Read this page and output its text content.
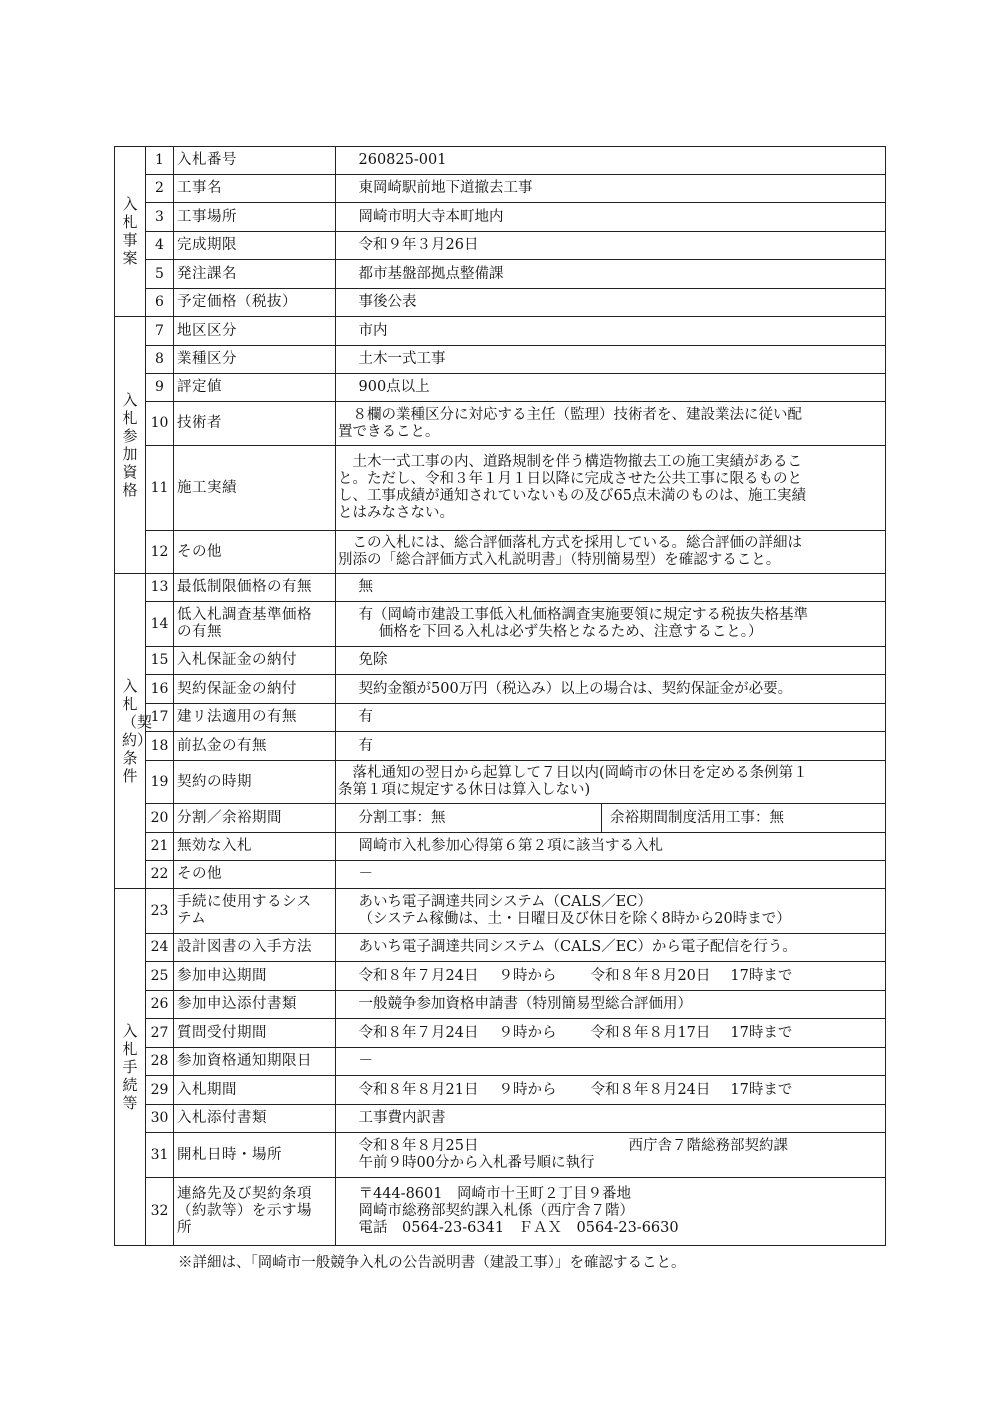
入札事案	1	入札番号	260825-001	

	2	工事名	東岡崎駅前地下道撤去工事	

	3	工事場所	岡崎市明大寺本町地内	

	4	完成期限	令和９年３月26日	

	5	発注課名	都市基盤部拠点整備課	

	6	予定価格（税抜）	事後公表	

入札参加資格	7	地区区分	市内	

	8	業種区分	土木一式工事	

	9	評定値	900点以上	

	10	技術者	８欄の業種区分に対応する主任（監理）技術者を、建設業法に従い配
置できること。	

	11	施工実績	土木一式工事の内、道路規制を伴う構造物撤去工の施工実績があるこ
と。ただし、令和３年１月１日以降に完成させた公共工事に限るものと
し、工事成績が通知されていないもの及び65点未満のものは、施工実績
とはみなさない。	

	12	その他	この入札には、総合評価落札方式を採用している。総合評価の詳細は
別添の「総合評価方式入札説明書」（特別簡易型）を確認すること。	

入札（契約）条件	13	最低制限価格の有無	無	

	14	低入札調査基準価格
の有無	有（岡崎市建設工事低入札価格調査実施要領に規定する税抜失格基準
価格を下回る入札は必ず失格となるため、注意すること。）	

	15	入札保証金の納付	免除	

	16	契約保証金の納付	契約金額が500万円（税込み）以上の場合は、契約保証金が必要。	

	17	建リ法適用の有無	有	

	18	前払金の有無	有	

	19	契約の時期	落札通知の翌日から起算して７日以内(岡崎市の休日を定める条例第１
条第１項に規定する休日は算入しない)	

	20	分割／余裕期間	分割工事：無	余裕期間制度活用工事：無

	21	無効な入札	岡崎市入札参加心得第６第２項に該当する入札	

	22	その他	－	

入札手続等	23	手続に使用するシス
テム	あいち電子調達共同システム（CALS／EC）
（システム稼働は、土・日曜日及び休日を除く8時から20時まで）	

	24	設計図書の入手方法	あいち電子調達共同システム（CALS／EC）から電子配信を行う。	

	25	参加申込期間	令和８年７月24日 ９時から 令和８年８月20日 17時まで	

	26	参加申込添付書類	一般競争参加資格申請書（特別簡易型総合評価用）	

	27	質問受付期間	令和８年７月24日 ９時から 令和８年８月17日 17時まで	

	28	参加資格通知期限日	－	

	29	入札期間	令和８年８月21日 ９時から 令和８年８月24日 17時まで	

	30	入札添付書類	工事費内訳書	

	31	開札日時・場所	令和８年８月25日 西庁舎７階総務部契約課
午前９時00分から入札番号順に執行	

	32	連絡先及び契約条項
（約款等）を示す場
所	〒444-8601　岡崎市十王町２丁目９番地
岡崎市総務部契約課入札係（西庁舎７階）
電話　0564-23-6341　ＦＡＸ　0564-23-6630	
※詳細は、「岡崎市一般競争入札の公告説明書（建設工事）」を確認すること。
